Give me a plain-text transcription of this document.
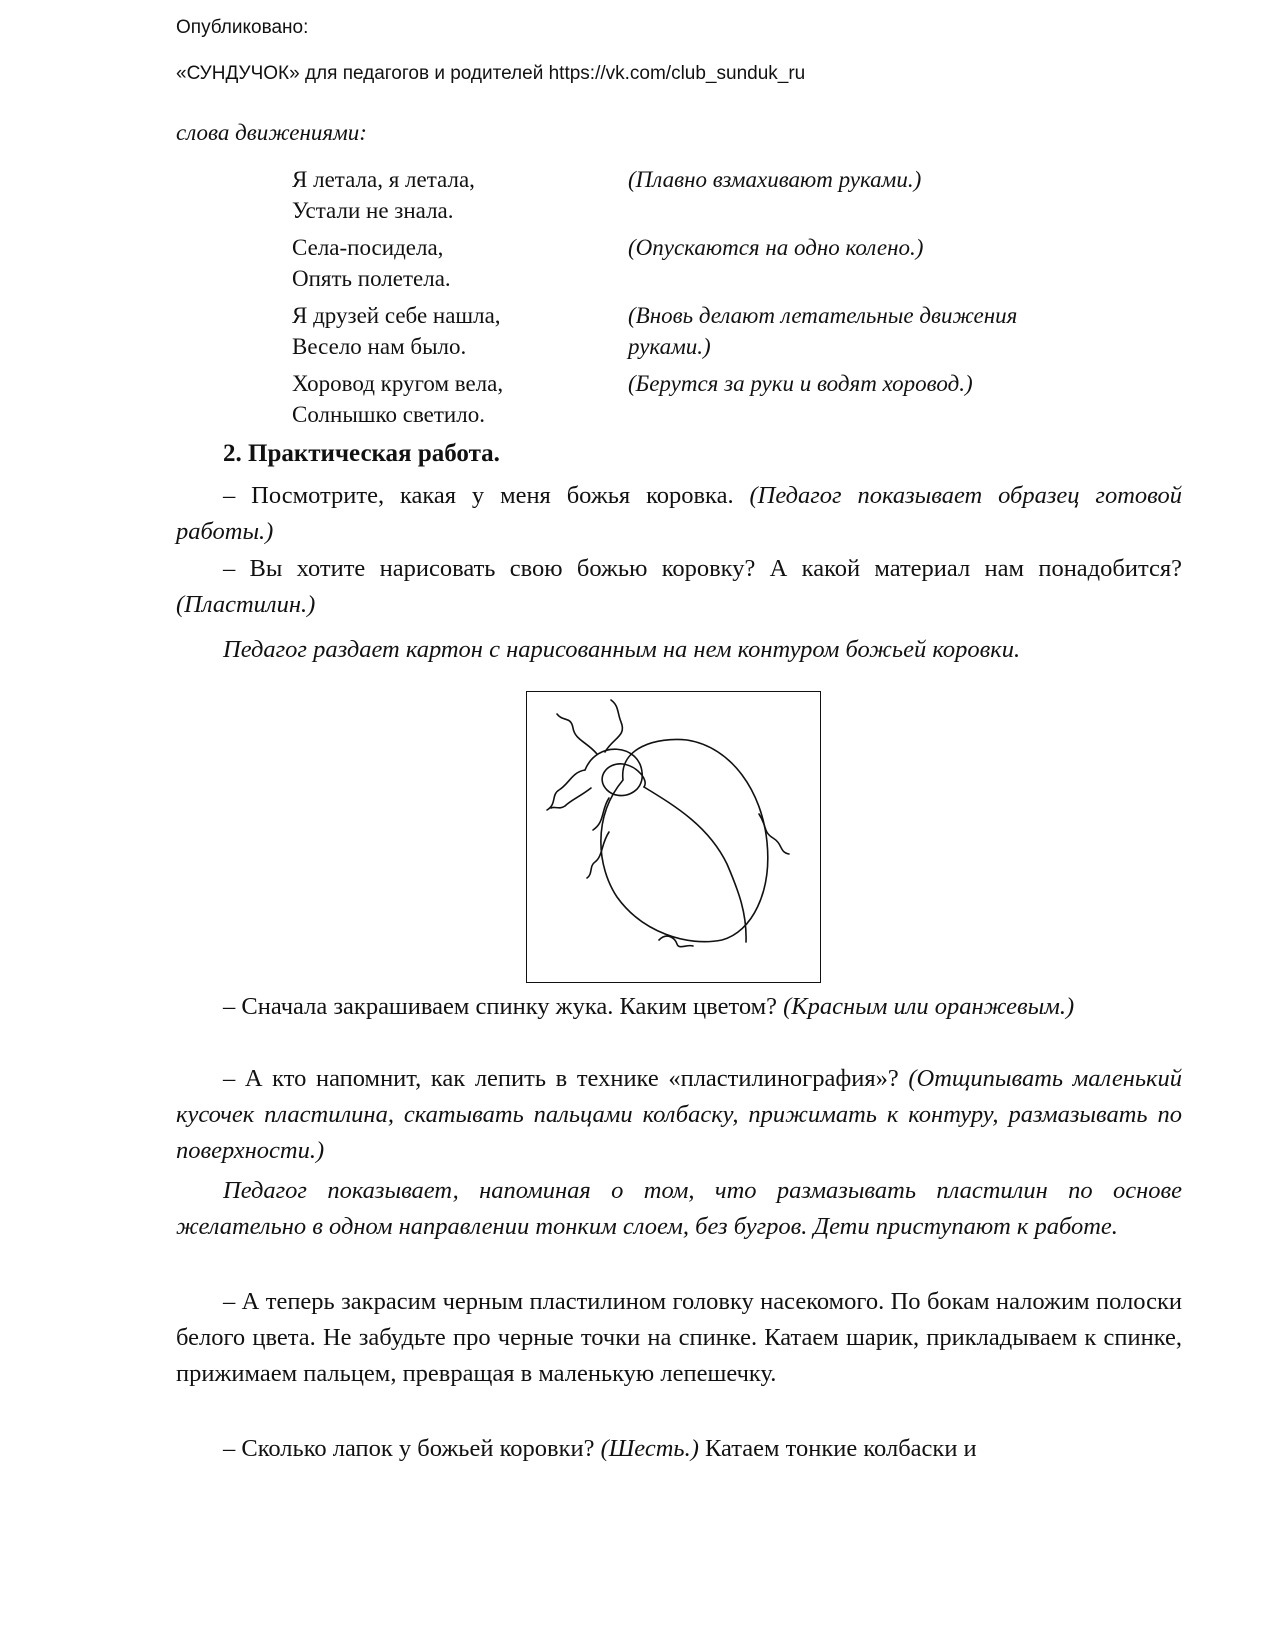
Опубликовано:
«СУНДУЧОК» для педагогов и родителей https://vk.com/club_sunduk_ru
слова движениями:
Я летала, я летала,
Устали не знала.
(Плавно взмахивают руками.)
Села-посидела,
Опять полетела.
(Опускаются на одно колено.)
Я друзей себе нашла,
Весело нам было.
(Вновь делают летательные движения
руками.)
Хоровод кругом вела,
Солнышко светило.
(Берутся за руки и водят хоровод.)
2. Практическая работа.
– Посмотрите, какая у меня божья коровка. (Педагог показывает образец готовой работы.)
– Вы хотите нарисовать свою божью коровку? А какой материал нам понадобится? (Пластилин.)
Педагог раздает картон с нарисованным на нем контуром божьей коровки.
– Сначала закрашиваем спинку жука. Каким цветом? (Красным или оранжевым.)
– А кто напомнит, как лепить в технике «пластилинография»? (Отщипывать маленький кусочек пластилина, скатывать пальцами колбаску, прижимать к контуру, размазывать по поверхности.)
Педагог показывает, напоминая о том, что размазывать пластилин по основе желательно в одном направлении тонким слоем, без бугров. Дети приступают к работе.
– А теперь закрасим черным пластилином головку насекомого. По бокам наложим полоски белого цвета. Не забудьте про черные точки на спинке. Катаем шарик, прикладываем к спинке, прижимаем пальцем, превращая в маленькую лепешечку.
– Сколько лапок у божьей коровки? (Шесть.) Катаем тонкие колбаски и
